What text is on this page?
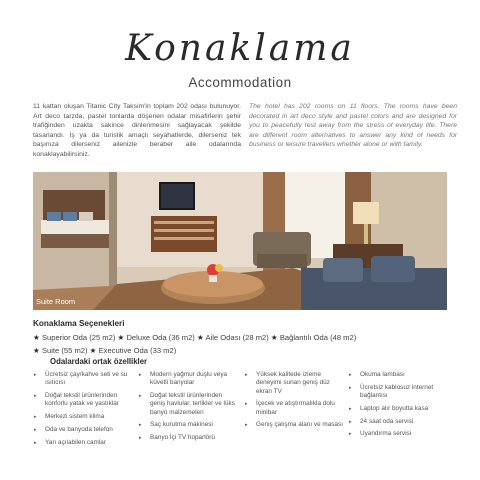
Konaklama
Accommodation

11 kattan oluşan Titanic City Taksim'in toplam 202 odası bulunuyor. Art deco tarzda, pastel tonlarda döşenen odalar misafirlerin şehir trafiğinden uzakta sakince dinlenmesini sağlayacak şekilde tasarlandı. İş ya da turistik amaçlı seyahatlerde, dilerseniz tek başınıza dilerseniz ailenizle beraber aile odalarında konaklayabilirsiniz.

The hotel has 202 rooms on 11 floors. The rooms have been decorated in art deco style and pastel colors and are designed for you to peacefully rest away from the stress of everyday life. There are different room alternatives to answer any kind of needs for business or leisure travellers whether alone or with family.

Suite Room
Konaklama Seçenekleri

★ Superior Oda (25 m2) ★ Deluxe Oda (36 m2) ★ Aile Odası (28 m2) ★ Bağlantılı Oda (48 m2)
★ Suite (55 m2) ★ Executive Oda (33 m2)

Odalardaki ortak özellikler
▸ Ücretsiz çay/kahve seti ve su ısıtıcısı
▸ Doğal tekstil ürünlerinden konforlu yatak ve yastıklar
▸ Merkezi sistem klima
▸ Oda ve banyoda telefon
▸ Yarı açılabilen camlar
▸ Modern yağmur duşlu veya küvetli banyolar
▸ Doğal tekstil ürünlerinden geniş havlular, terlikler ve lüks banyo malzemeleri
▸ Saç kurutma makinesi
▸ Banyo İçi TV hoparlörü
▸ Yüksek kalitede izleme deneyimi sunan geniş düz ekran TV
▸ İçecek ve atıştırmalıkla dolu minibar
▸ Geniş çalışma alanı ve masası
▸ Okuma lambası
▸ Ücretsiz kablosuz internet bağlantısı
▸ Laptop alır boyutta kasa
▸ 24 saat oda servisi
▸ Uyandırma servisi
